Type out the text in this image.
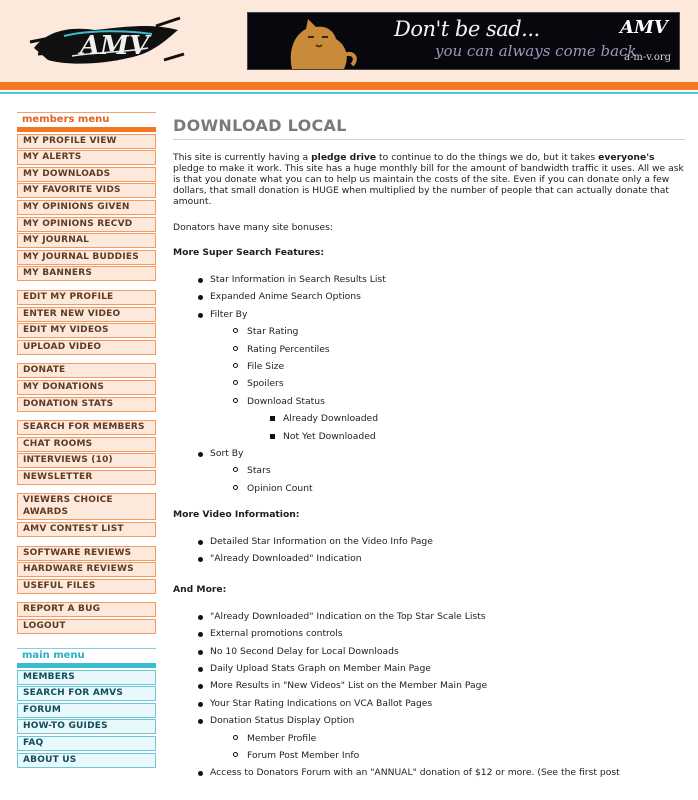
AMV
Don't be sad...
you can always come back
AMV
a-m-v.org
members menu
MY PROFILE VIEW
MY ALERTS
MY DOWNLOADS
MY FAVORITE VIDS
MY OPINIONS GIVEN
MY OPINIONS RECVD
MY JOURNAL
MY JOURNAL BUDDIES
MY BANNERS
EDIT MY PROFILE
ENTER NEW VIDEO
EDIT MY VIDEOS
UPLOAD VIDEO
DONATE
MY DONATIONS
DONATION STATS
SEARCH FOR MEMBERS
CHAT ROOMS
INTERVIEWS (10)
NEWSLETTER
VIEWERS CHOICE AWARDS
AMV CONTEST LIST
SOFTWARE REVIEWS
HARDWARE REVIEWS
USEFUL FILES
REPORT A BUG
LOGOUT
main menu
MEMBERS
SEARCH FOR AMVS
FORUM
HOW-TO GUIDES
FAQ
ABOUT US
DOWNLOAD LOCAL

This site is currently having a pledge drive to continue to do the things we do, but it takes everyone's pledge to make it work. This site has a huge monthly bill for the amount of bandwidth traffic it uses. All we ask is that you donate what you can to help us maintain the costs of the site. Even if you can donate only a few dollars, that small donation is HUGE when multiplied by the number of people that can actually donate that amount.

Donators have many site bonuses:

More Super Search Features:

Star Information in Search Results List
Expanded Anime Search Options
Filter By
Star Rating
Rating Percentiles
File Size
Spoilers
Download Status
Already Downloaded
Not Yet Downloaded
Sort By
Stars
Opinion Count

More Video Information:

Detailed Star Information on the Video Info Page
"Already Downloaded" Indication

And More:

"Already Downloaded" Indication on the Top Star Scale Lists
External promotions controls
No 10 Second Delay for Local Downloads
Daily Upload Stats Graph on Member Main Page
More Results in "New Videos" List on the Member Main Page
Your Star Rating Indications on VCA Ballot Pages
Donation Status Display Option
Member Profile
Forum Post Member Info
Access to Donators Forum with an "ANNUAL" donation of $12 or more. (See the first post
